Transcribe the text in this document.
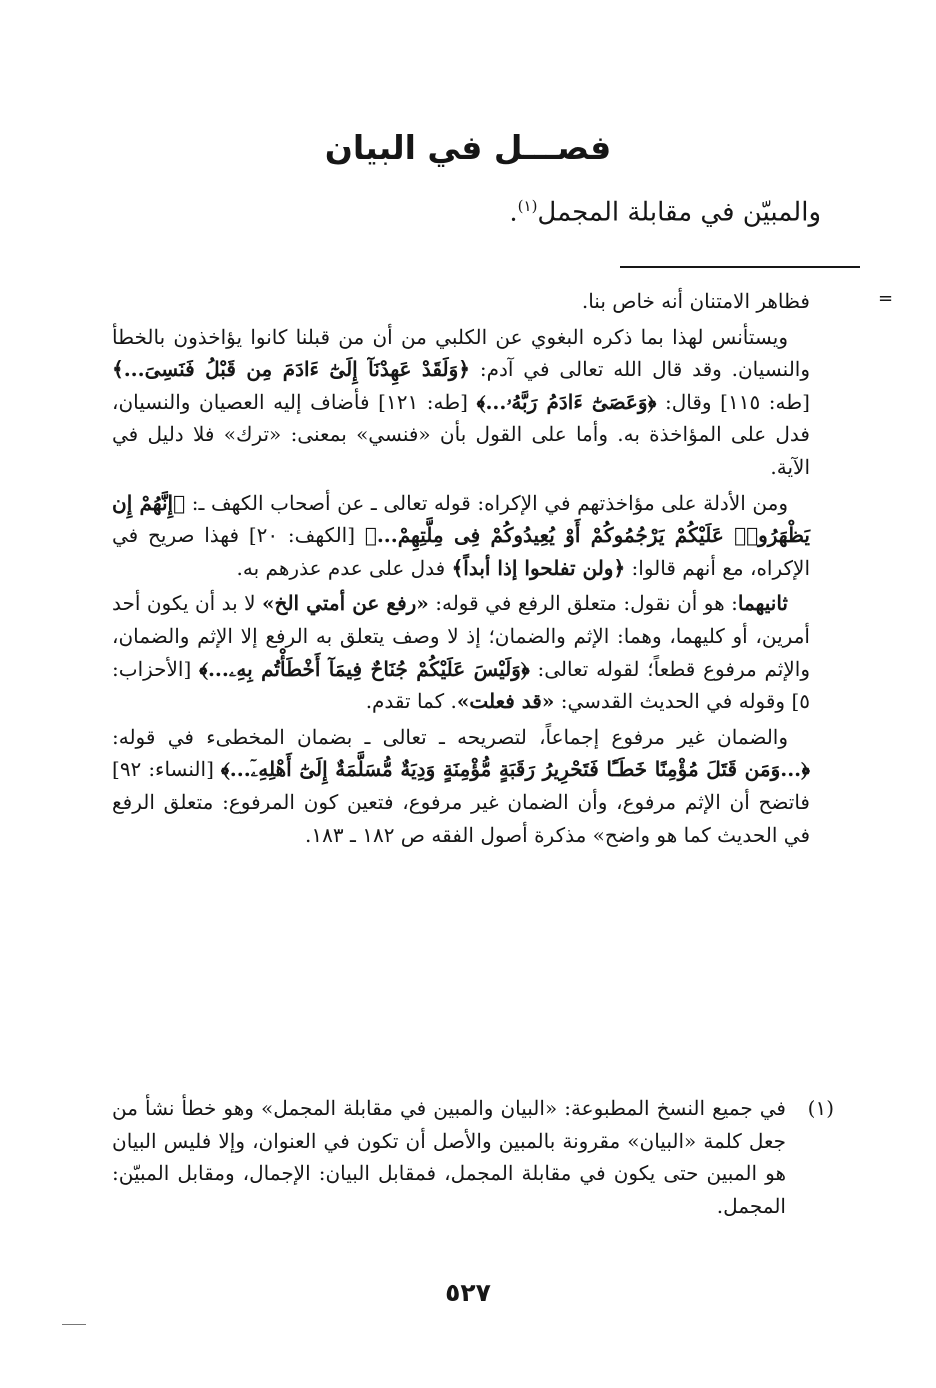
فصـــل في البيان
والمبيّن في مقابلة المجمل$^{(١)}$.
=

فظاهر الامتنان أنه خاص بنا.

ويستأنس لهذا بما ذكره البغوي عن الكلبي من أن من قبلنا كانوا يؤاخذون بالخطأ والنسيان. وقد قال الله تعالى في آدم: ﴿وَلَقَدْ عَهِدْنَآ إِلَىٰٓ ءَادَمَ مِن قَبْلُ فَنَسِىَ...﴾ [طه: ١١٥] وقال: ﴿وَعَصَىٰٓ ءَادَمُ رَبَّهُۥ...﴾ [طه: ١٢١] فأضاف إليه العصيان والنسيان، فدل على المؤاخذة به. وأما على القول بأن «فنسي» بمعنى: «ترك» فلا دليل في الآية.

ومن الأدلة على مؤاخذتهم في الإكراه: قوله تعالى ـ عن أصحاب الكهف ـ: ﴿إِنَّهُمْ إِن يَظْهَرُوا۟ عَلَيْكُمْ يَرْجُمُوكُمْ أَوْ يُعِيدُوكُمْ فِى مِلَّتِهِمْ...﴾ [الكهف: ٢٠] فهذا صريح في الإكراه، مع أنهم قالوا: ﴿ولن تفلحوا إذا أبداً﴾ فدل على عدم عذرهم به.

ثانيهما: هو أن نقول: متعلق الرفع في قوله: «رفع عن أمتي الخ» لا بد أن يكون أحد أمرين، أو كليهما، وهما: الإثم والضمان؛ إذ لا وصف يتعلق به الرفع إلا الإثم والضمان، والإثم مرفوع قطعاً؛ لقوله تعالى: ﴿وَلَيْسَ عَلَيْكُمْ جُنَاحٌ فِيمَآ أَخْطَأْتُم بِهِۦ...﴾ [الأحزاب: ٥] وقوله في الحديث القدسي: «قد فعلت». كما تقدم.

والضمان غير مرفوع إجماعاً، لتصريحه ـ تعالى ـ بضمان المخطىء في قوله: ﴿...وَمَن قَتَلَ مُؤْمِنًا خَطَـًٔا فَتَحْرِيرُ رَقَبَةٍ مُّؤْمِنَةٍ وَدِيَةٌ مُّسَلَّمَةٌ إِلَىٰٓ أَهْلِهِۦٓ...﴾ [النساء: ٩٢] فاتضح أن الإثم مرفوع، وأن الضمان غير مرفوع، فتعين كون المرفوع: متعلق الرفع في الحديث كما هو واضح» مذكرة أصول الفقه ص ١٨٢ ـ ١٨٣.

(١)
في جميع النسخ المطبوعة: «البيان والمبين في مقابلة المجمل» وهو خطأ نشأ من جعل كلمة «البيان» مقرونة بالمبين والأصل أن تكون في العنوان، وإلا فليس البيان هو المبين حتى يكون في مقابلة المجمل، فمقابل البيان: الإجمال، ومقابل المبيّن: المجمل.
٥٢٧
